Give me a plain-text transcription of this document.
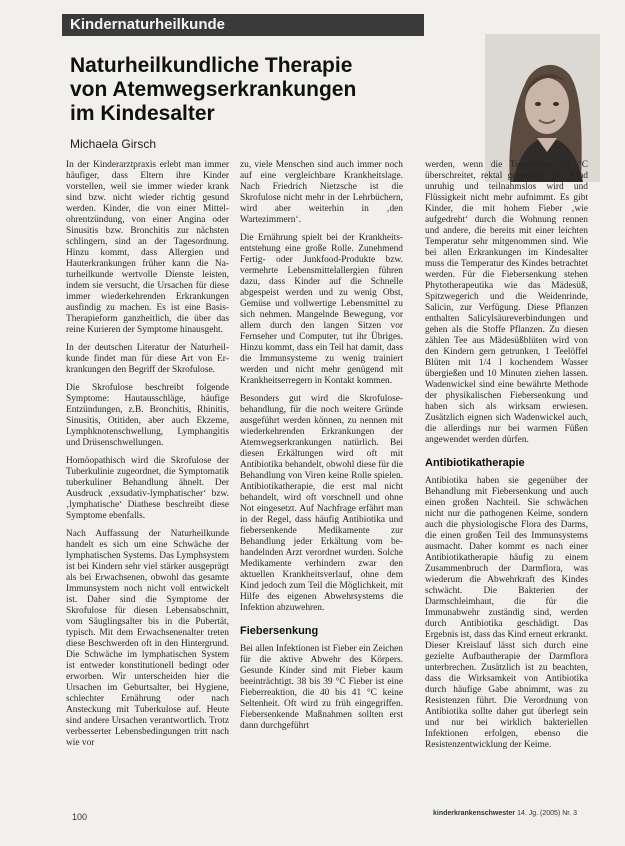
Kindernaturheilkunde
Naturheilkundliche Therapie
von Atemwegserkrankungen
im Kindesalter
Michaela Girsch

In der Kinderarztpraxis erlebt man immer häufiger, dass Eltern ihre Kinder vorstellen, weil sie immer wieder krank sind bzw. nicht wieder richtig gesund werden. Kinder, die von einer Mittelohrentzündung, von einer Angina oder Sinusitis bzw. Bronchitis zur nächsten schlingern, sind an der Tagesordnung. Hinzu kommt, dass Allergien und Hauterkrankungen früher kann die Naturheilkunde wertvolle Dienste leisten, indem sie versucht, die Ursachen für diese immer wiederkehrenden Erkrankungen ausfindig zu machen. Es ist eine Basis-Therapieform ganzheitlich, die über das reine Kurieren der Symptome hinausgeht.

In der deutschen Literatur der Naturheilkunde findet man für diese Art von Erkrankungen den Begriff der Skrofulose.

Die Skrofulose beschreibt folgende Symptome: Hautausschläge, häufige Entzündungen, z.B. Bronchitis, Rhinitis, Sinusitis, Otitiden, aber auch Ekzeme, Lymphknotenschwellung, Lymphangitis und Drüsenschwellungen.

Homöopathisch wird die Skrofulose der Tuberkulinie zugeordnet, die Symptomatik tuberkuliner Behandlung ähnelt. Der Ausdruck ‚exsudativ-lymphatischer‘ bzw. ‚lymphatische‘ Diathese beschreibt diese Symptome ebenfalls.

Nach Auffassung der Naturheilkunde handelt es sich um eine Schwäche der lymphatischen Systems. Das Lymphsystem ist bei Kindern sehr viel stärker ausgeprägt als bei Erwachsenen, obwohl das gesamte Immunsystem noch nicht voll entwickelt ist. Daher sind die Symptome der Skrofulose für diesen Lebensabschnitt, vom Säuglingsalter bis in die Pubertät, typisch. Mit dem Erwachsenenalter treten diese Beschwerden oft in den Hintergrund. Die Schwäche im lymphatischen System ist entweder konstitutionell bedingt oder erworben. Wir unterscheiden hier die Ursachen im Geburtsalter, bei Hygiene, schlechter Ernährung oder nach Ansteckung mit Tuberkulose auf. Heute sind andere Ursachen verantwortlich. Trotz verbesserter Lebensbedingungen tritt nach wie vor

zu, viele Menschen sind auch immer noch auf eine vergleichbare Krankheitslage. Nach Friedrich Nietzsche ist die Skrofulose nicht mehr in der Lehrbüchern, wird aber weiterhin in ‚den Wartezimmern‘.

Die Ernährung spielt bei der Krankheitsentstehung eine große Rolle. Zunehmend Fertig- oder Junkfood-Produkte bzw. vermehrte Lebensmittelallergien führen dazu, dass Kinder auf die Schnelle abgespeist werden und zu wenig Obst, Gemüse und vollwertige Lebensmittel zu sich nehmen. Mangelnde Bewegung, vor allem durch den langen Sitzen vor Fernseher und Computer, tut ihr Übriges. Hinzu kommt, dass ein Teil hat damit, dass die Immunsysteme zu wenig trainiert werden und nicht mehr genügend mit Krankheitserregern in Kontakt kommen.

Besonders gut wird die Skrofulosebehandlung, für die noch weitere Gründe ausgeführt werden können, zu nennen mit wiederkehrenden Erkrankungen der Atemwegserkrankungen natürlich. Bei diesen Erkältungen wird oft mit Antibiotika behandelt, obwohl diese für die Behandlung von Viren keine Rolle spielen. Antibiotikatherapie, die erst mal nicht behandelt, wird oft vorschnell und ohne Not eingesetzt. Auf Nachfrage erfährt man in der Regel, dass häufig Antibiotika und fiebersenkende Medikamente zur Behandlung jeder Erkältung vom behandelnden Arzt verordnet wurden. Solche Medikamente verhindern zwar den aktuellen Krankheitsverlauf, ohne dem Kind jedoch zum Teil die Möglichkeit, mit Hilfe des eigenen Abwehrsystems die Infektion abzuwehren.

Fiebersenkung

Bei allen Infektionen ist Fieber ein Zeichen für die aktive Abwehr des Körpers. Gesunde Kinder sind mit Fieber kaum beeinträchtigt. 38 bis 39 °C Fieber ist eine Fieberreaktion, die 40 bis 41 °C keine Seltenheit. Oft wird zu früh eingegriffen. Fiebersenkende Maßnahmen sollten erst dann durchgeführt

werden, wenn die Temperatur 39 °C überschreitet, rektal gemessen, das Kind unruhig und teilnahmslos wird und Flüssigkeit nicht mehr aufnimmt. Es gibt Kinder, die mit hohem Fieber ‚wie aufgedreht‘ durch die Wohnung rennen und andere, die bereits mit einer leichten Temperatur sehr mitgenommen sind. Wie bei allen Erkrankungen im Kindesalter muss die Temperatur des Kindes betrachtet werden. Für die Fiebersenkung stehen Phytotherapeutika wie das Mädesüß, Spitzwegerich und die Weidenrinde, Salicin, zur Verfügung. Diese Pflanzen enthalten Salicylsäureverbindungen und gehen als die Stoffe Pflanzen. Zu diesen zählen Tee aus Mädesüßblüten wird von den Kindern gern getrunken, 1 Teelöffel Blüten mit 1/4 l kochendem Wasser übergießen und 10 Minuten ziehen lassen. Wadenwickel sind eine bewährte Methode der physikalischen Fiebersenkung und haben sich als wirksam erwiesen. Zusätzlich eignen sich Wadenwickel auch, die allerdings nur bei warmen Füßen angewendet werden dürfen.

Antibiotikatherapie

Antibiotika haben sie gegenüber der Behandlung mit Fiebersenkung und auch einen großen Nachteil. Sie schwächen nicht nur die pathogenen Keime, sondern auch die physiologische Flora des Darms, die einen großen Teil des Immunsystems ausmacht. Daher kommt es nach einer Antibiotikatherapie häufig zu einem Zusammenbruch der Darmflora, was wiederum die Abwehrkraft des Kindes schwächt. Die Bakterien der Darmschleimhaut, die für die Immunabwehr zuständig sind, werden durch Antibiotika geschädigt. Das Ergebnis ist, dass das Kind erneut erkrankt. Dieser Kreislauf lässt sich durch eine gezielte Aufbautherapie der Darmflora unterbrechen. Zusätzlich ist zu beachten, dass die Wirksamkeit von Antibiotika durch häufige Gabe abnimmt, was zu Resistenzen führt. Die Verordnung von Antibiotika sollte daher gut überlegt sein und nur bei wirklich bakteriellen Infektionen erfolgen, ebenso die Resistenzentwicklung der Keime.

100	kinderkrankenschwester 14. Jg. (2005) Nr. 3
